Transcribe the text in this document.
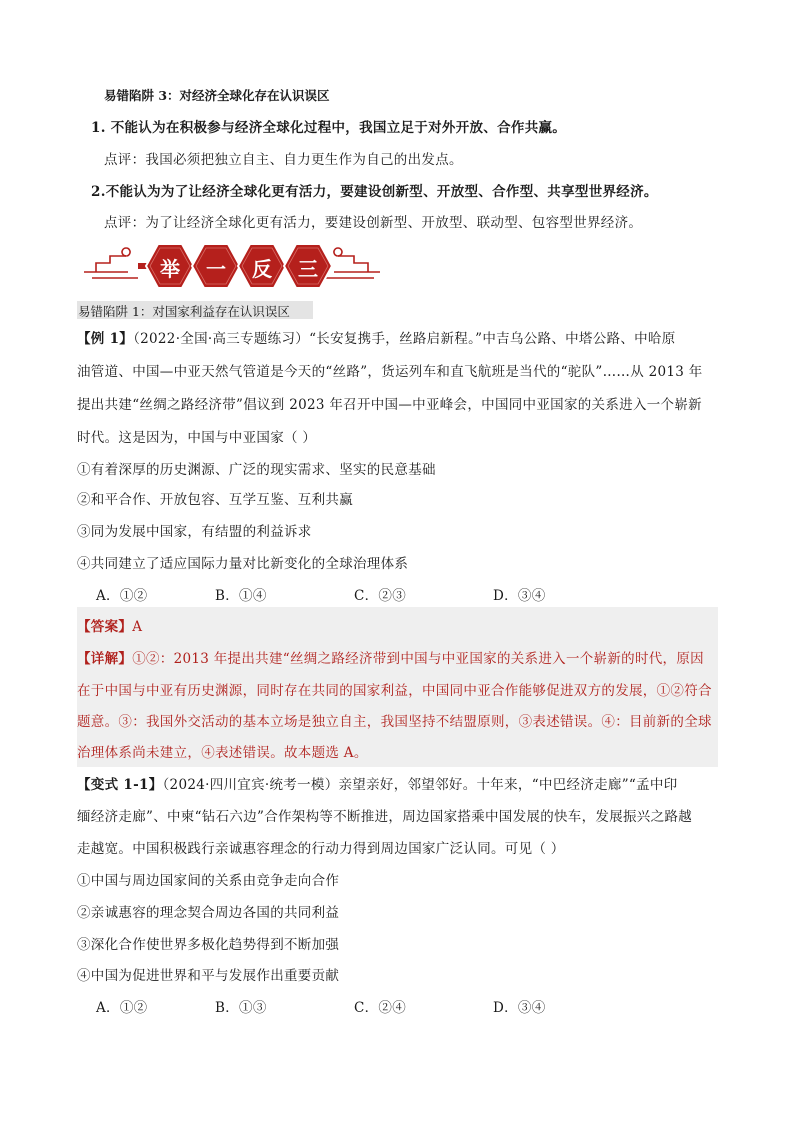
易错陷阱 3：对经济全球化存在认识误区
1. 不能认为在积极参与经济全球化过程中，我国立足于对外开放、合作共赢。
点评：我国必须把独立自主、自力更生作为自己的出发点。
2.不能认为为了让经济全球化更有活力，要建设创新型、开放型、合作型、共享型世界经济。
点评：为了让经济全球化更有活力，要建设创新型、开放型、联动型、包容型世界经济。
举 一 反 三
易错陷阱 1：对国家利益存在认识误区
【例 1】（2022·全国·高三专题练习）“长安复携手，丝路启新程。”中吉乌公路、中塔公路、中哈原
油管道、中国—中亚天然气管道是今天的“丝路”，货运列车和直飞航班是当代的“驼队”……从 2013 年
提出共建“丝绸之路经济带”倡议到 2023 年召开中国—中亚峰会，中国同中亚国家的关系进入一个崭新
时代。这是因为，中国与中亚国家（ ）
①有着深厚的历史渊源、广泛的现实需求、坚实的民意基础
②和平合作、开放包容、互学互鉴、互利共赢
③同为发展中国家，有结盟的利益诉求
④共同建立了适应国际力量对比新变化的全球治理体系
A．①②	B．①④	C．②③	D．③④
【答案】A
【详解】①②：2013 年提出共建“丝绸之路经济带到中国与中亚国家的关系进入一个崭新的时代，原因
在于中国与中亚有历史渊源，同时存在共同的国家利益，中国同中亚合作能够促进双方的发展，①②符合
题意。③：我国外交活动的基本立场是独立自主，我国坚持不结盟原则，③表述错误。④：目前新的全球
治理体系尚未建立，④表述错误。故本题选 A。
【变式 1-1】（2024·四川宜宾·统考一模）亲望亲好，邻望邻好。十年来，“中巴经济走廊”“孟中印
缅经济走廊”、中柬“钻石六边”合作架构等不断推进，周边国家搭乘中国发展的快车，发展振兴之路越
走越宽。中国积极践行亲诚惠容理念的行动力得到周边国家广泛认同。可见（ ）
①中国与周边国家间的关系由竞争走向合作
②亲诚惠容的理念契合周边各国的共同利益
③深化合作使世界多极化趋势得到不断加强
④中国为促进世界和平与发展作出重要贡献
A．①②	B．①③	C．②④	D．③④
